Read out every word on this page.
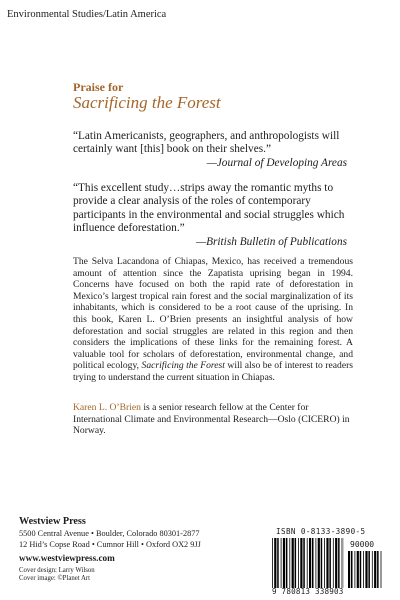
Environmental Studies/Latin America
Praise for
Sacrificing the Forest
“Latin Americanists, geographers, and anthropologists will certainly want [this] book on their shelves.”
—Journal of Developing Areas
“This excellent study…strips away the romantic myths to provide a clear analysis of the roles of contemporary participants in the environmental and social struggles which influence deforestation.”
—British Bulletin of Publications
The Selva Lacandona of Chiapas, Mexico, has received a tremendous amount of attention since the Zapatista uprising began in 1994. Concerns have focused on both the rapid rate of deforestation in Mexico’s largest tropical rain forest and the social marginalization of its inhabitants, which is considered to be a root cause of the uprising. In this book, Karen L. O’Brien presents an insightful analysis of how deforestation and social struggles are related in this region and then considers the implications of these links for the remaining forest. A valuable tool for scholars of deforestation, environmental change, and political ecology, Sacrificing the Forest will also be of interest to readers trying to understand the current situation in Chiapas.
Karen L. O’Brien is a senior research fellow at the Center for International Climate and Environmental Research—Oslo (CICERO) in Norway.
Westview Press
5500 Central Avenue • Boulder, Colorado 80301-2877
12 Hid’s Copse Road • Cumnor Hill • Oxford OX2 9JJ
www.westviewpress.com
Cover design: Larry Wilson
Cover image: ©Planet Art
ISBN 0-8133-3890-5
90000
9 780813 338903
